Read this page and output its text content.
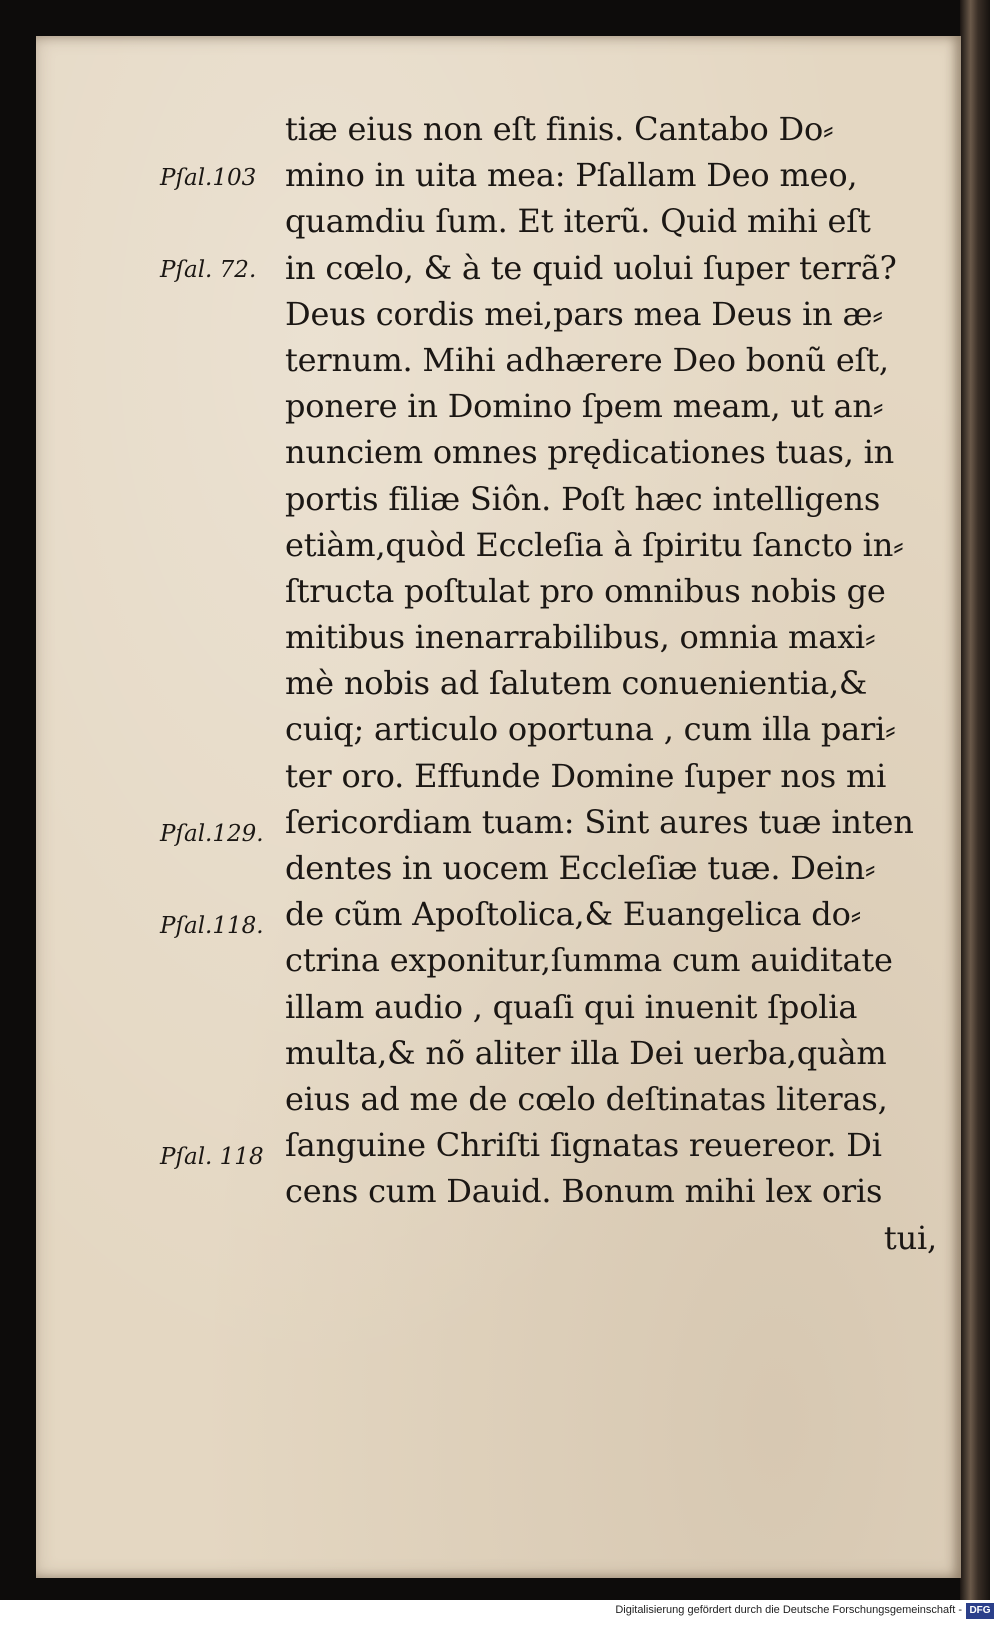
tiæ eius non eſt finis. Cantabo Do⸗
mino in uita mea: Pſallam Deo meo,
quamdiu ſum. Et iterũ. Quid mihi eſt
in cœlo, & à te quid uolui ſuper terrã?
Deus cordis mei,pars mea Deus in æ⸗
ternum. Mihi adhærere Deo bonũ eſt,
ponere in Domino ſpem meam, ut an⸗
nunciem omnes prędicationes tuas, in
portis filiæ Siôn. Poſt hæc intelligens
etiàm,quòd Eccleſia à ſpiritu ſancto in⸗
ſtructa poſtulat pro omnibus nobis ge
mitibus inenarrabilibus, omnia maxi⸗
mè nobis ad ſalutem conuenientia,&
cuiq; articulo oportuna , cum illa pari⸗
ter oro. Effunde Domine ſuper nos mi
ſericordiam tuam: Sint aures tuæ inten
dentes in uocem Eccleſiæ tuæ. Dein⸗
de cũm Apoſtolica,& Euangelica do⸗
ctrina exponitur,ſumma cum auiditate
illam audio , quaſi qui inuenit ſpolia
multa,& nõ aliter illa Dei uerba,quàm
eius ad me de cœlo deſtinatas literas,
ſanguine Chriſti ſignatas reuereor. Di
cens cum Dauid. Bonum mihi lex oris
tui,
Pſal.103
Pſal. 72.
Pſal.129.
Pſal.118.
Pſal. 118
Digitalisierung gefördert durch die Deutsche Forschungsgemeinschaft - DFG
